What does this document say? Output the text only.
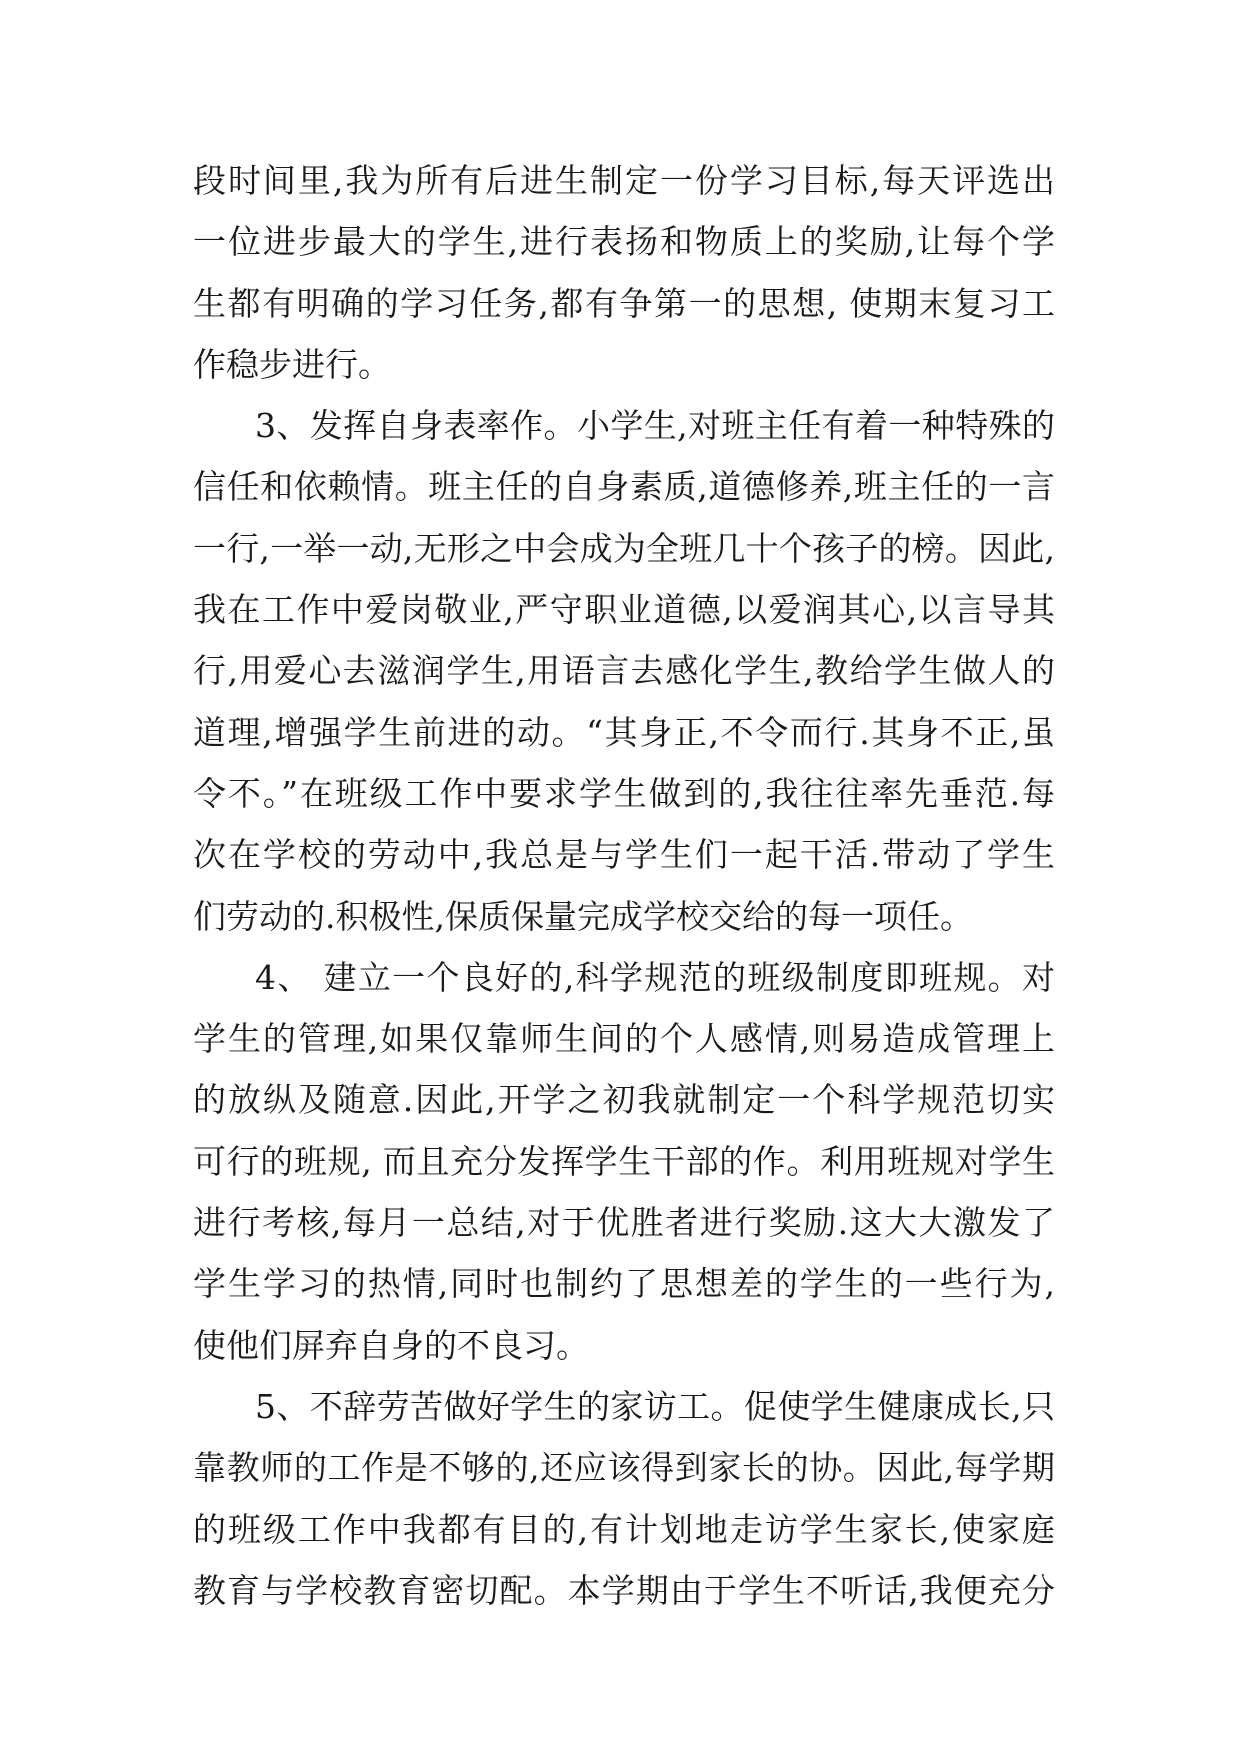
段时间里,我为所有后进生制定一份学习目标,每天评选出
一位进步最大的学生,进行表扬和物质上的奖励,让每个学
生都有明确的学习任务,都有争第一的思想, 使期末复习工
作稳步进行。
3、发挥自身表率作。小学生,对班主任有着一种特殊的
信任和依赖情。班主任的自身素质,道德修养,班主任的一言
一行,一举一动,无形之中会成为全班几十个孩子的榜。因此,
我在工作中爱岗敬业,严守职业道德,以爱润其心,以言导其
行,用爱心去滋润学生,用语言去感化学生,教给学生做人的
道理,增强学生前进的动。“其身正,不令而行.其身不正,虽
令不。”在班级工作中要求学生做到的,我往往率先垂范.每
次在学校的劳动中,我总是与学生们一起干活.带动了学生
们劳动的.积极性,保质保量完成学校交给的每一项任。
4、 建立一个良好的,科学规范的班级制度即班规。对
学生的管理,如果仅靠师生间的个人感情,则易造成管理上
的放纵及随意.因此,开学之初我就制定一个科学规范切实
可行的班规, 而且充分发挥学生干部的作。利用班规对学生
进行考核,每月一总结,对于优胜者进行奖励.这大大激发了
学生学习的热情,同时也制约了思想差的学生的一些行为,
使他们屏弃自身的不良习。
5、不辞劳苦做好学生的家访工。促使学生健康成长,只
靠教师的工作是不够的,还应该得到家长的协。因此,每学期
的班级工作中我都有目的,有计划地走访学生家长,使家庭
教育与学校教育密切配。本学期由于学生不听话,我便充分
